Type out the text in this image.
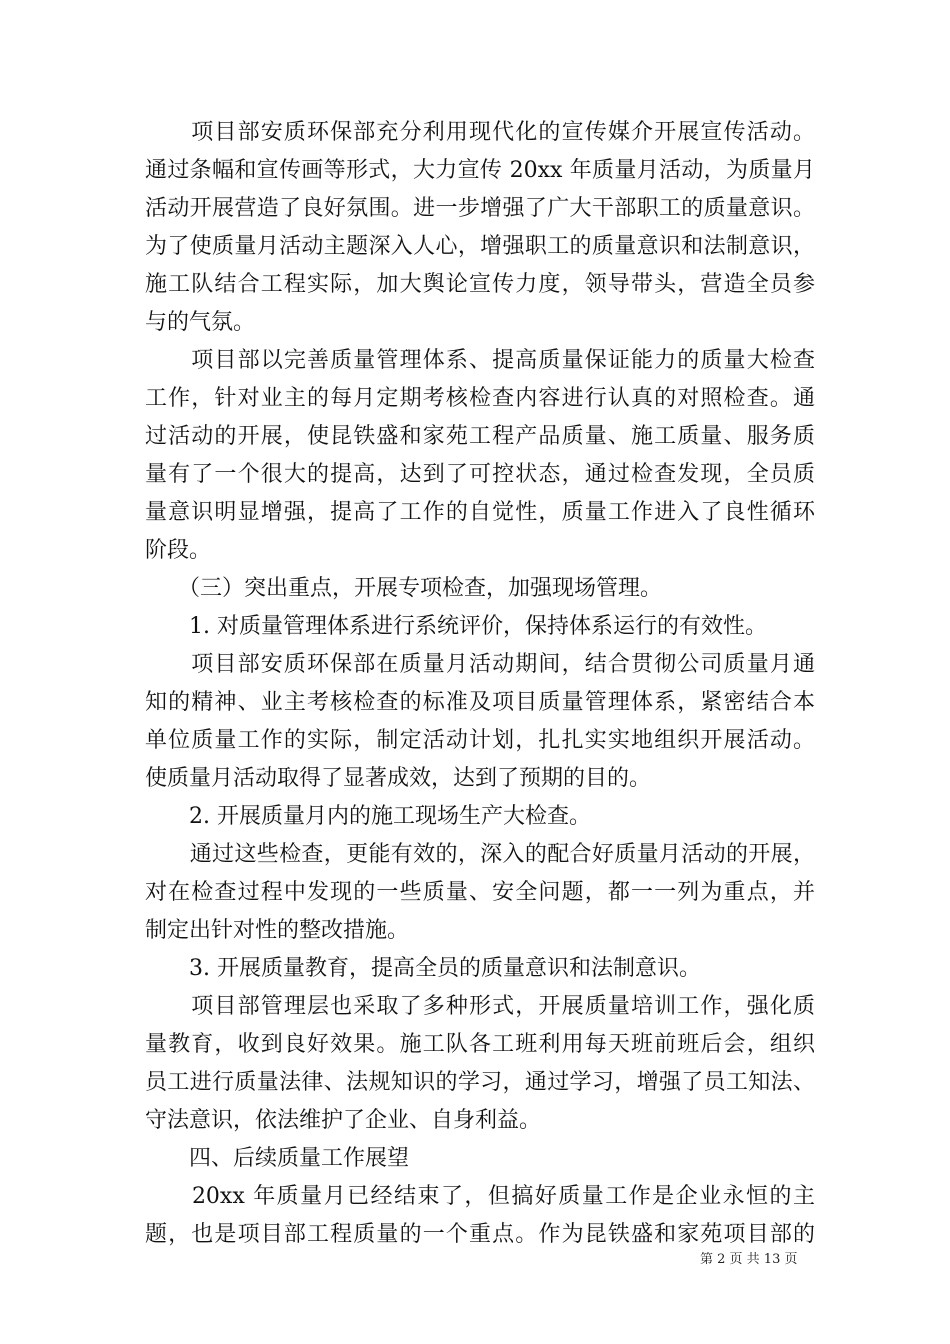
　　项目部安质环保部充分利用现代化的宣传媒介开展宣传活动。
通过条幅和宣传画等形式，大力宣传 20xx 年质量月活动，为质量月
活动开展营造了良好氛围。进一步增强了广大干部职工的质量意识。
为了使质量月活动主题深入人心，增强职工的质量意识和法制意识，
施工队结合工程实际，加大舆论宣传力度，领导带头，营造全员参
与的气氛。
　　项目部以完善质量管理体系、提高质量保证能力的质量大检查
工作，针对业主的每月定期考核检查内容进行认真的对照检查。通
过活动的开展，使昆铁盛和家苑工程产品质量、施工质量、服务质
量有了一个很大的提高，达到了可控状态，通过检查发现，全员质
量意识明显增强，提高了工作的自觉性，质量工作进入了良性循环
阶段。
　　（三）突出重点，开展专项检查，加强现场管理。
　　1. 对质量管理体系进行系统评价，保持体系运行的有效性。
　　项目部安质环保部在质量月活动期间，结合贯彻公司质量月通
知的精神、业主考核检查的标准及项目质量管理体系，紧密结合本
单位质量工作的实际，制定活动计划，扎扎实实地组织开展活动。
使质量月活动取得了显著成效，达到了预期的目的。
　　2. 开展质量月内的施工现场生产大检查。
　　通过这些检查，更能有效的，深入的配合好质量月活动的开展，
对在检查过程中发现的一些质量、安全问题，都一一列为重点，并
制定出针对性的整改措施。
　　3. 开展质量教育，提高全员的质量意识和法制意识。
　　项目部管理层也采取了多种形式，开展质量培训工作，强化质
量教育，收到良好效果。施工队各工班利用每天班前班后会，组织
员工进行质量法律、法规知识的学习，通过学习，增强了员工知法、
守法意识，依法维护了企业、自身利益。
　　四、后续质量工作展望
　　20xx 年质量月已经结束了，但搞好质量工作是企业永恒的主
题，也是项目部工程质量的一个重点。作为昆铁盛和家苑项目部的
第 2 页 共 13 页
